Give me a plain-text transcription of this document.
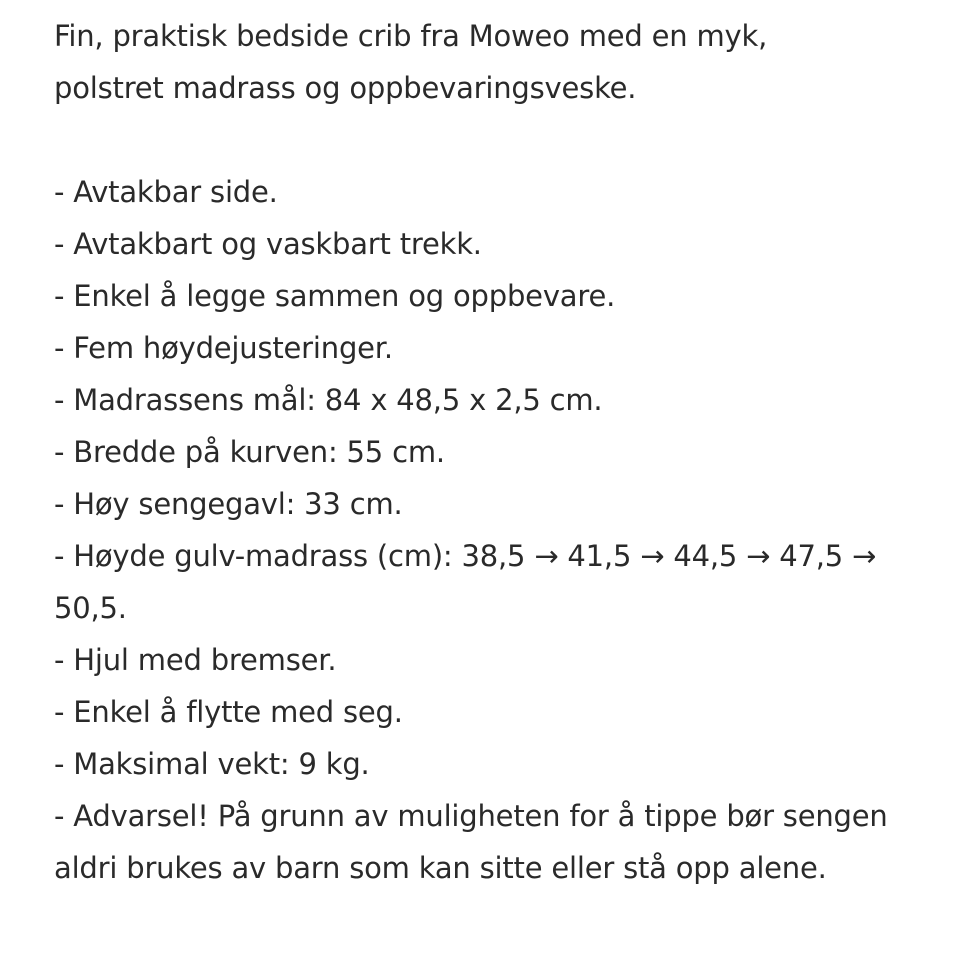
Fin, praktisk bedside crib fra Moweo med en myk,

polstret madrass og oppbevaringsveske.

- Avtakbar side.
- Avtakbart og vaskbart trekk.
- Enkel å legge sammen og oppbevare.
- Fem høydejusteringer.
- Madrassens mål: 84 x 48,5 x 2,5 cm.
- Bredde på kurven: 55 cm.
- Høy sengegavl: 33 cm.
- Høyde gulv-madrass (cm): 38,5 → 41,5 → 44,5 → 47,5 → 50,5.
- Hjul med bremser.
- Enkel å flytte med seg.
- Maksimal vekt: 9 kg.
- Advarsel! På grunn av muligheten for å tippe bør sengen aldri brukes av barn som kan sitte eller stå opp alene.
